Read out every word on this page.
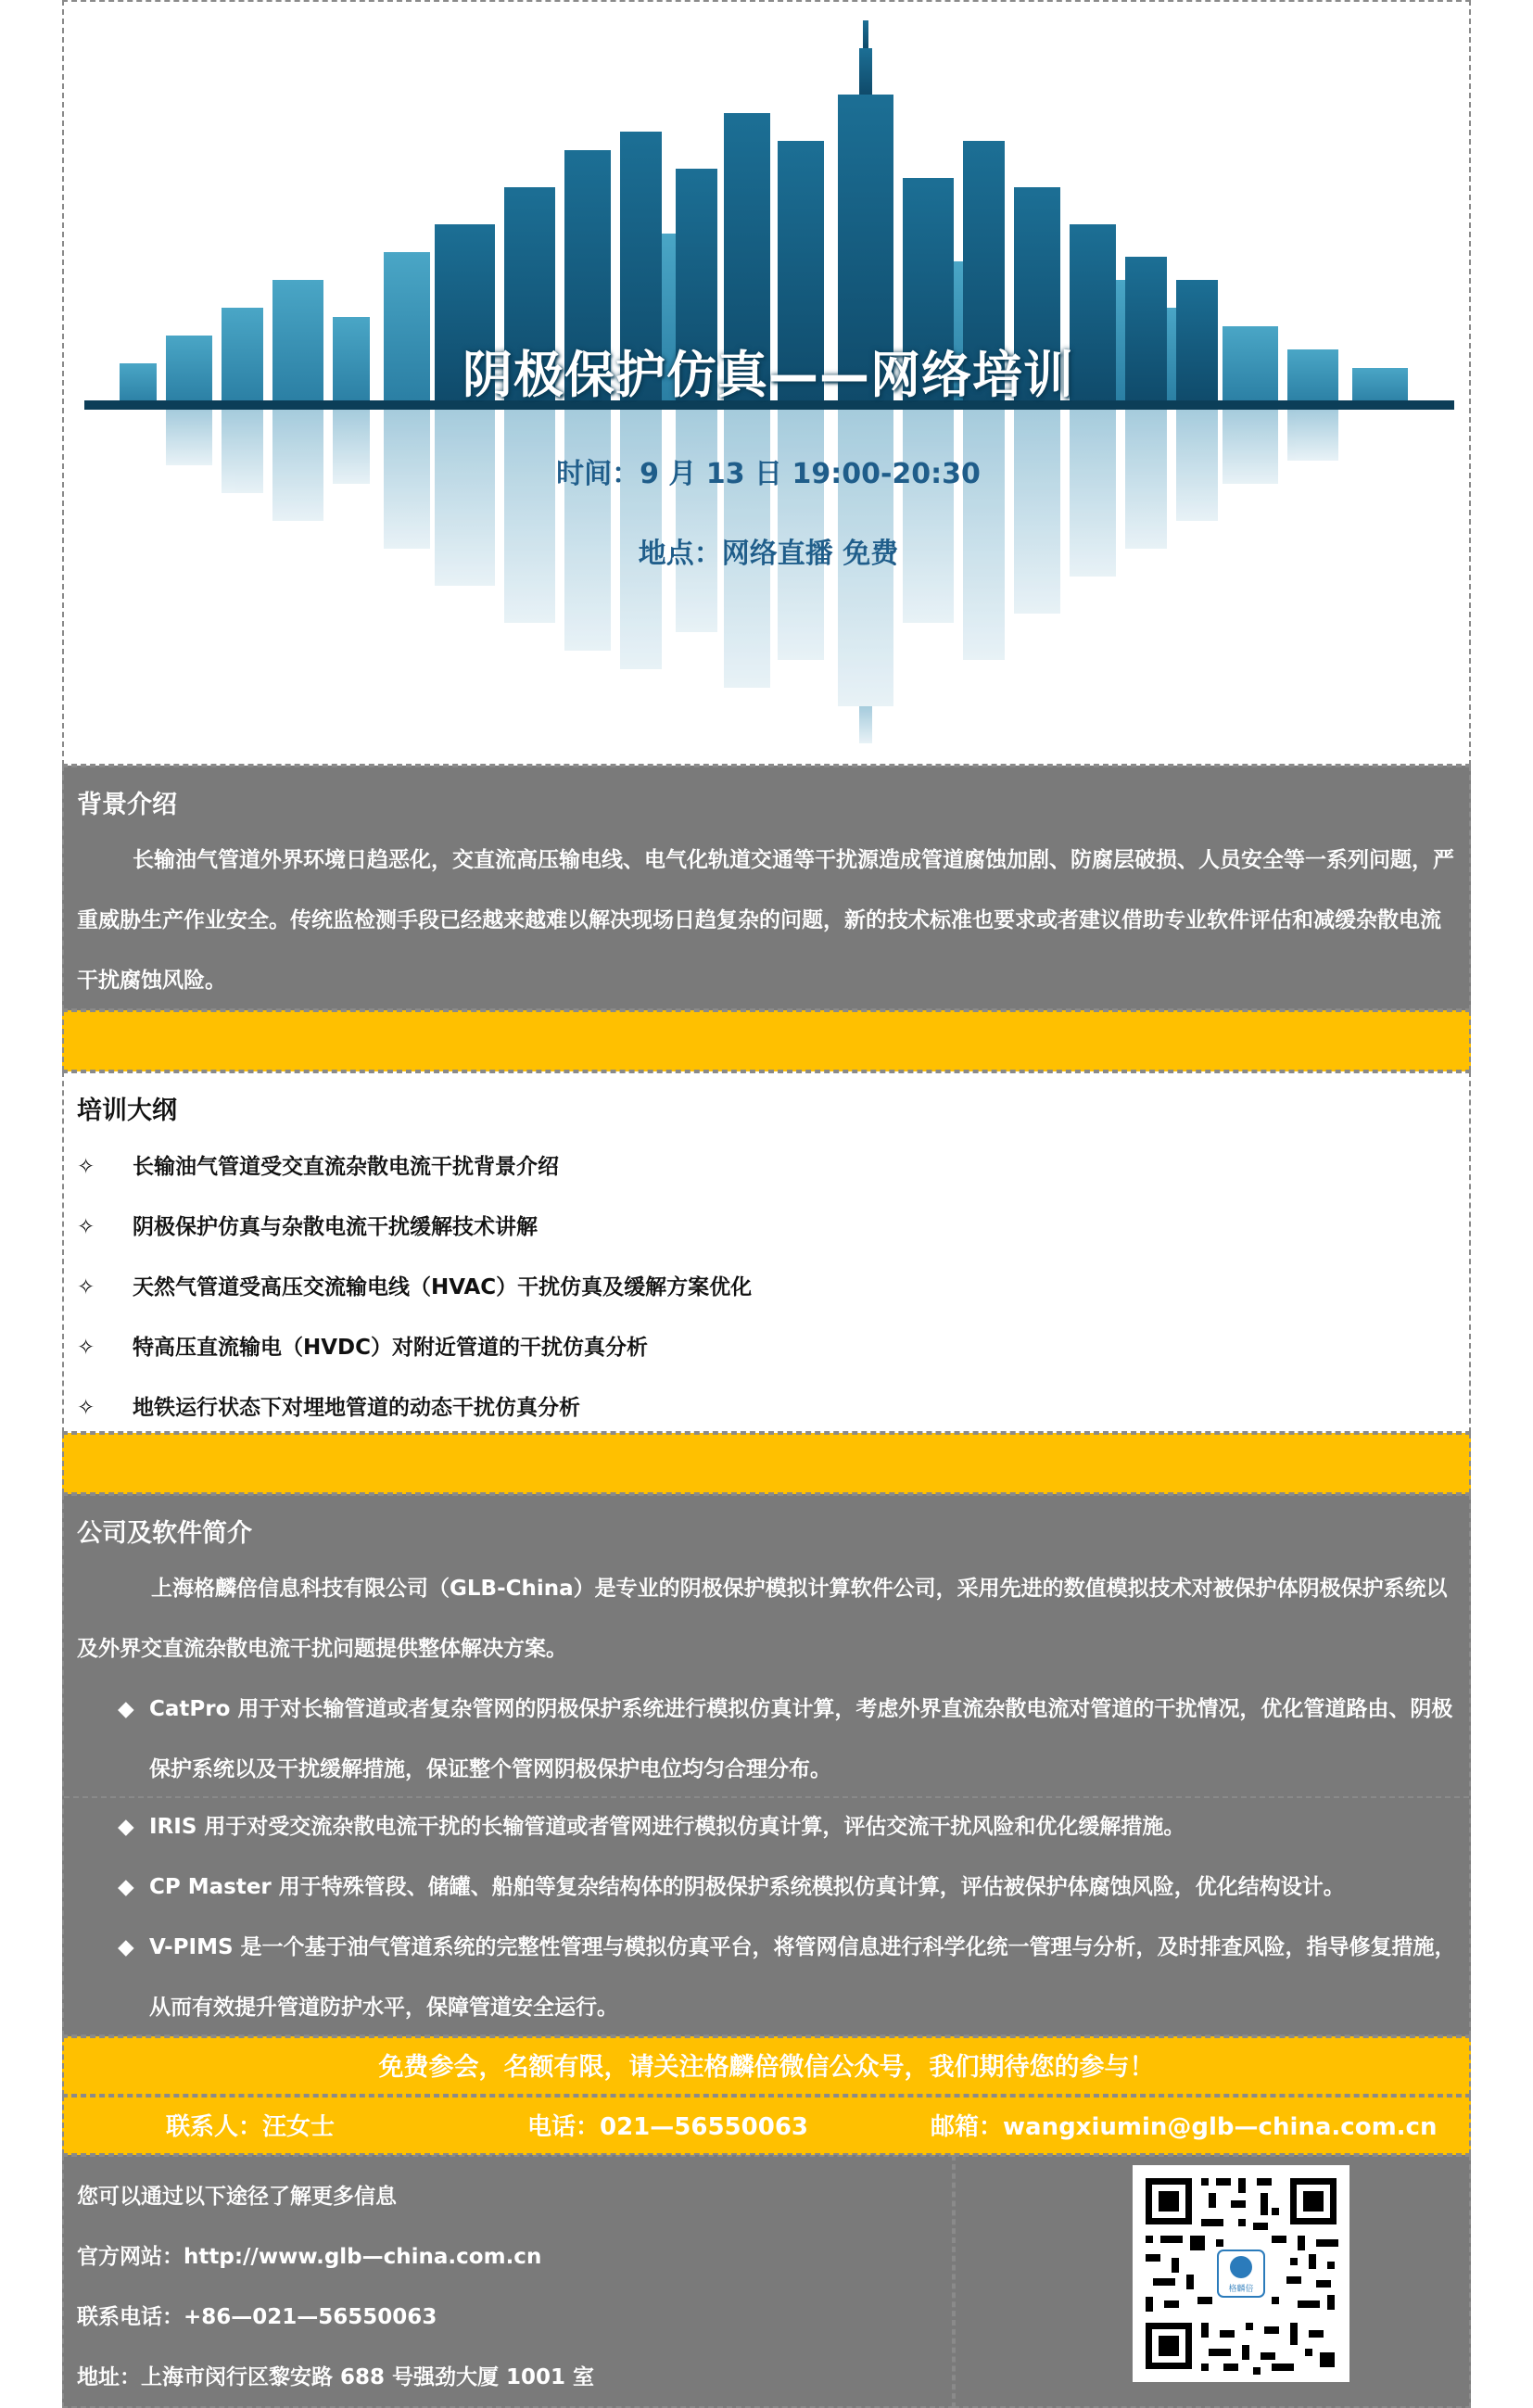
阴极保护仿真——网络培训
时间：9 月 13 日 19:00-20:30
地点：网络直播 免费
背景介绍
长输油气管道外界环境日趋恶化，交直流高压输电线、电气化轨道交通等干扰源造成管道腐蚀加剧、防腐层破损、人员安全等一系列问题，严重威胁生产作业安全。传统监检测手段已经越来越难以解决现场日趋复杂的问题，新的技术标准也要求或者建议借助专业软件评估和减缓杂散电流干扰腐蚀风险。
培训大纲
✧ 长输油气管道受交直流杂散电流干扰背景介绍
✧ 阴极保护仿真与杂散电流干扰缓解技术讲解
✧ 天然气管道受高压交流输电线（HVAC）干扰仿真及缓解方案优化
✧ 特高压直流输电（HVDC）对附近管道的干扰仿真分析
✧ 地铁运行状态下对埋地管道的动态干扰仿真分析
公司及软件简介
上海格麟倍信息科技有限公司（GLB-China）是专业的阴极保护模拟计算软件公司，采用先进的数值模拟技术对被保护体阴极保护系统以及外界交直流杂散电流干扰问题提供整体解决方案。
◆ CatPro 用于对长输管道或者复杂管网的阴极保护系统进行模拟仿真计算，考虑外界直流杂散电流对管道的干扰情况，优化管道路由、阴极保护系统以及干扰缓解措施，保证整个管网阴极保护电位均匀合理分布。
◆ IRIS 用于对受交流杂散电流干扰的长输管道或者管网进行模拟仿真计算，评估交流干扰风险和优化缓解措施。
◆ CP Master 用于特殊管段、储罐、船舶等复杂结构体的阴极保护系统模拟仿真计算，评估被保护体腐蚀风险，优化结构设计。
◆ V-PIMS 是一个基于油气管道系统的完整性管理与模拟仿真平台，将管网信息进行科学化统一管理与分析，及时排查风险，指导修复措施，从而有效提升管道防护水平，保障管道安全运行。
免费参会，名额有限，请关注格麟倍微信公众号，我们期待您的参与！
联系人：汪女士	电话：021—56550063	邮箱：wangxiumin@glb—china.com.cn
您可以通过以下途径了解更多信息
官方网站：http://www.glb—china.com.cn
联系电话：+86—021—56550063
地址：上海市闵行区黎安路 688 号强劲大厦 1001 室
格麟倍
